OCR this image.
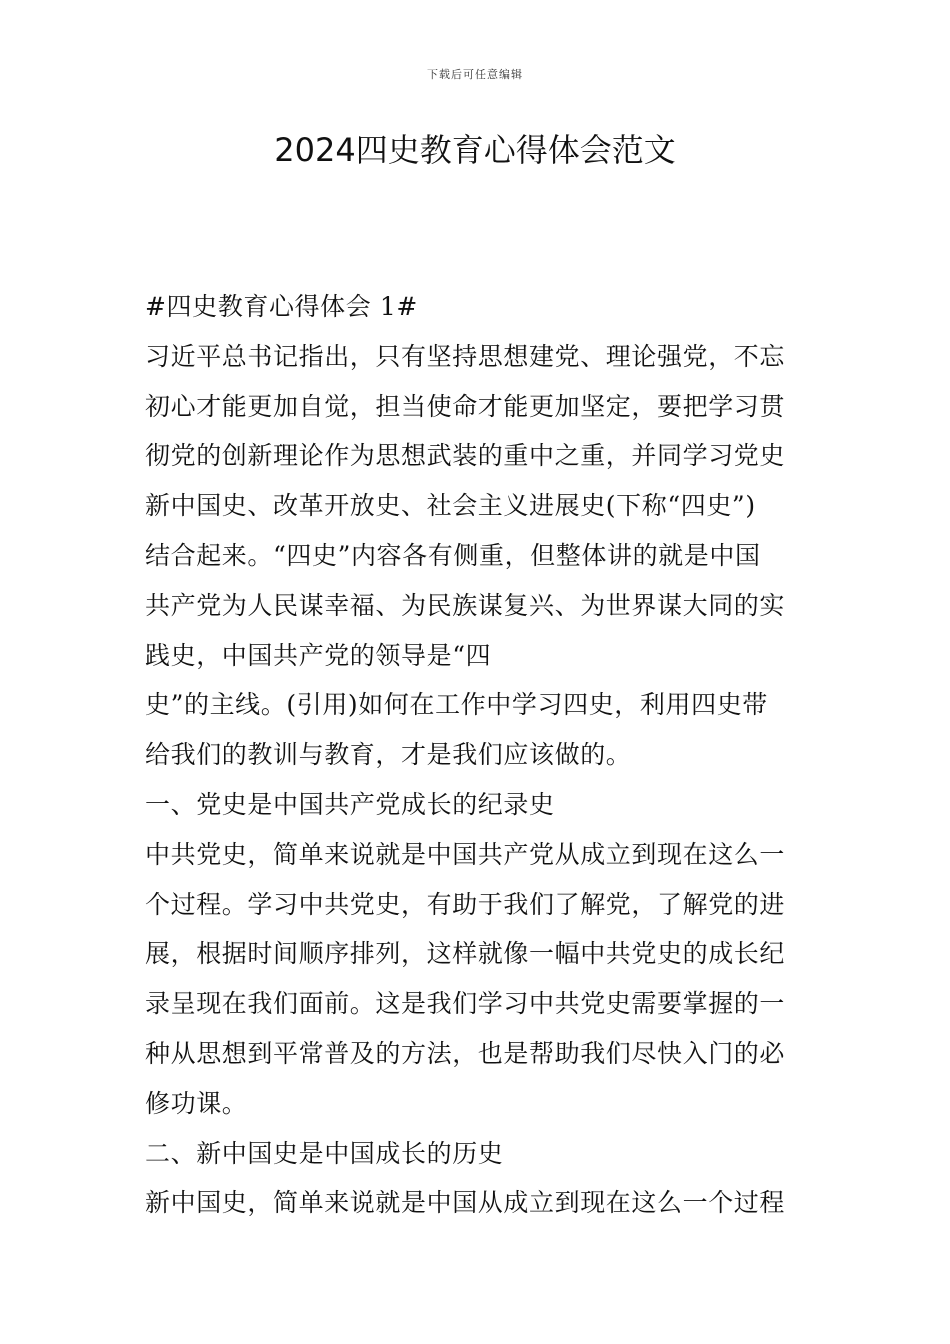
下载后可任意编辑
2024四史教育心得体会范文
#四史教育心得体会 1#
习近平总书记指出，只有坚持思想建党、理论强党，不忘
初心才能更加自觉，担当使命才能更加坚定，要把学习贯
彻党的创新理论作为思想武装的重中之重，并同学习党史
新中国史、改革开放史、社会主义进展史(下称“四史”)
结合起来。“四史”内容各有侧重，但整体讲的就是中国
共产党为人民谋幸福、为民族谋复兴、为世界谋大同的实
践史，中国共产党的领导是“四
史”的主线。(引用)如何在工作中学习四史，利用四史带
给我们的教训与教育，才是我们应该做的。
一、党史是中国共产党成长的纪录史
中共党史，简单来说就是中国共产党从成立到现在这么一
个过程。学习中共党史，有助于我们了解党，了解党的进
展，根据时间顺序排列，这样就像一幅中共党史的成长纪
录呈现在我们面前。这是我们学习中共党史需要掌握的一
种从思想到平常普及的方法，也是帮助我们尽快入门的必
修功课。
二、新中国史是中国成长的历史
新中国史，简单来说就是中国从成立到现在这么一个过程
